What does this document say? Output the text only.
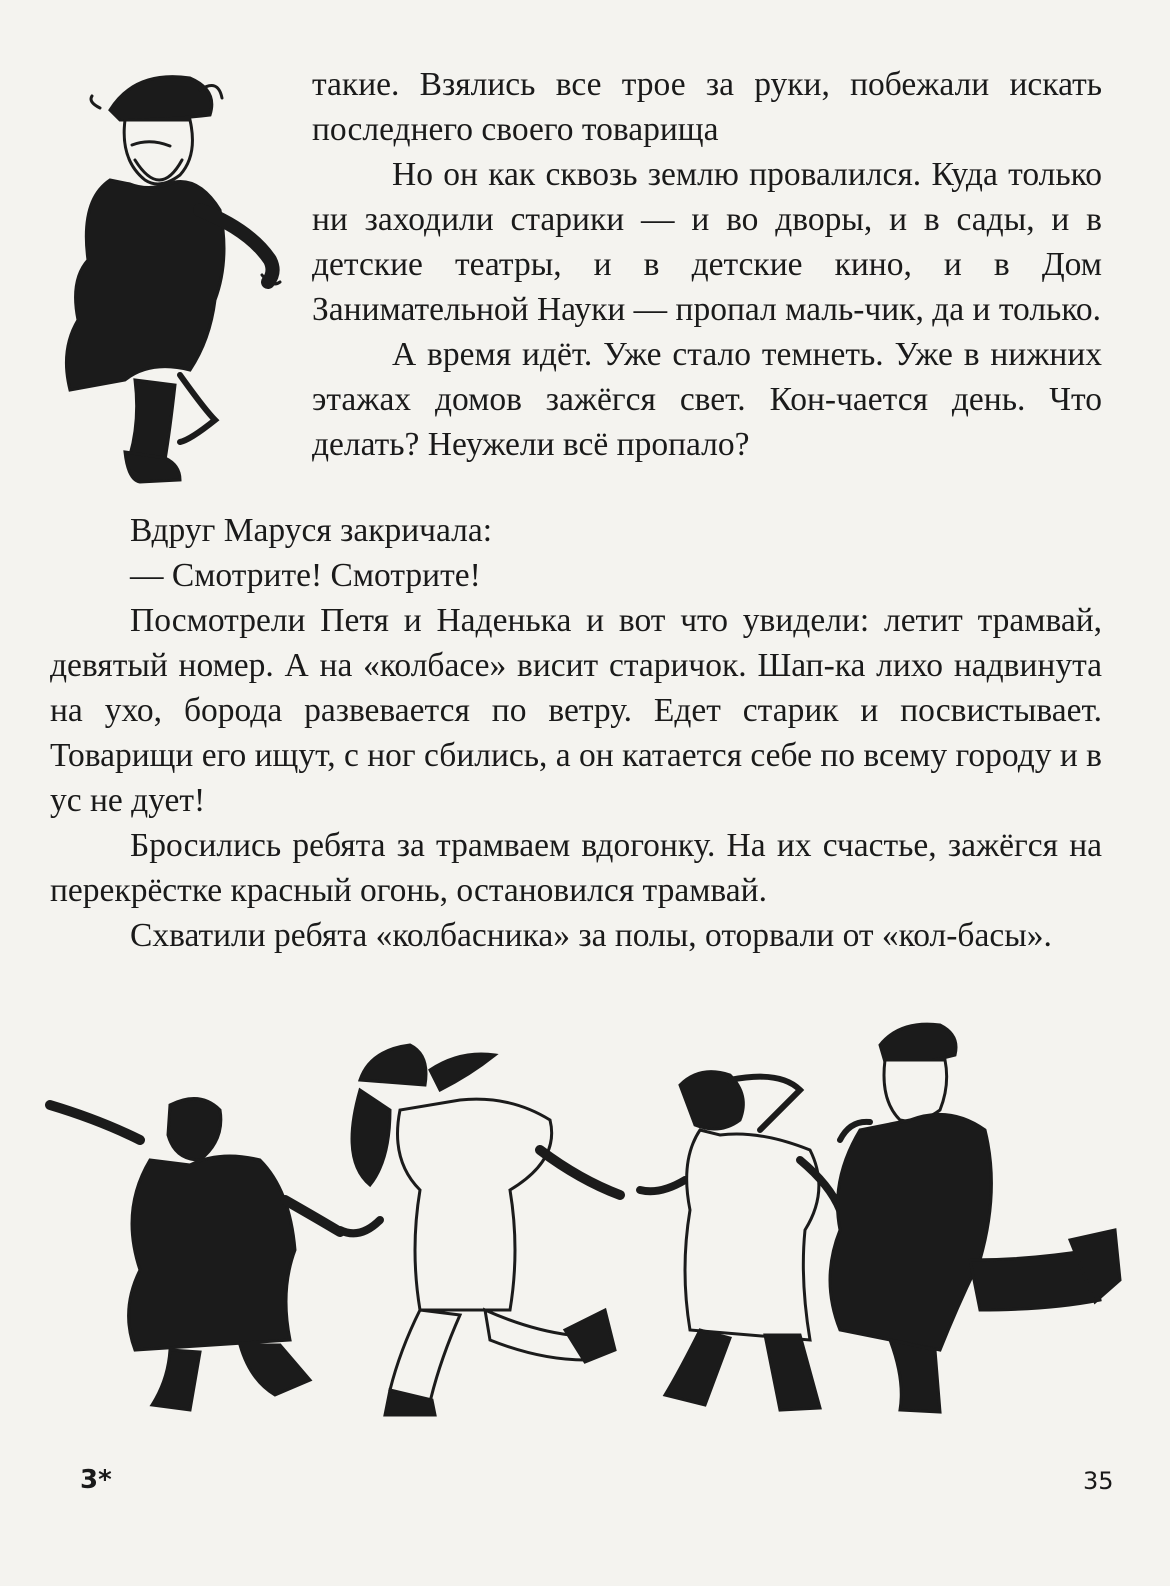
такие. Взялись все трое за руки, побежали искать последнего своего товарища

Но он как сквозь землю провалился. Куда только ни заходили старики — и во дворы, и в сады, и в детские театры, и в детские кино, и в Дом Занимательной Науки — пропал маль-чик, да и только.

А время идёт. Уже стало темнеть. Уже в нижних этажах домов зажёгся свет. Кон-чается день. Что делать? Неужели всё пропало?

Вдруг Маруся закричала:

— Смотрите! Смотрите!

Посмотрели Петя и Наденька и вот что увидели: летит трамвай, девятый номер. А на «колбасе» висит старичок. Шап-ка лихо надвинута на ухо, борода развевается по ветру. Едет старик и посвистывает. Товарищи его ищут, с ног сбились, а он катается себе по всему городу и в ус не дует!

Бросились ребята за трамваем вдогонку. На их счастье, зажёгся на перекрёстке красный огонь, остановился трамвай.

Схватили ребята «колбасника» за полы, оторвали от «кол-басы».

3*	35
